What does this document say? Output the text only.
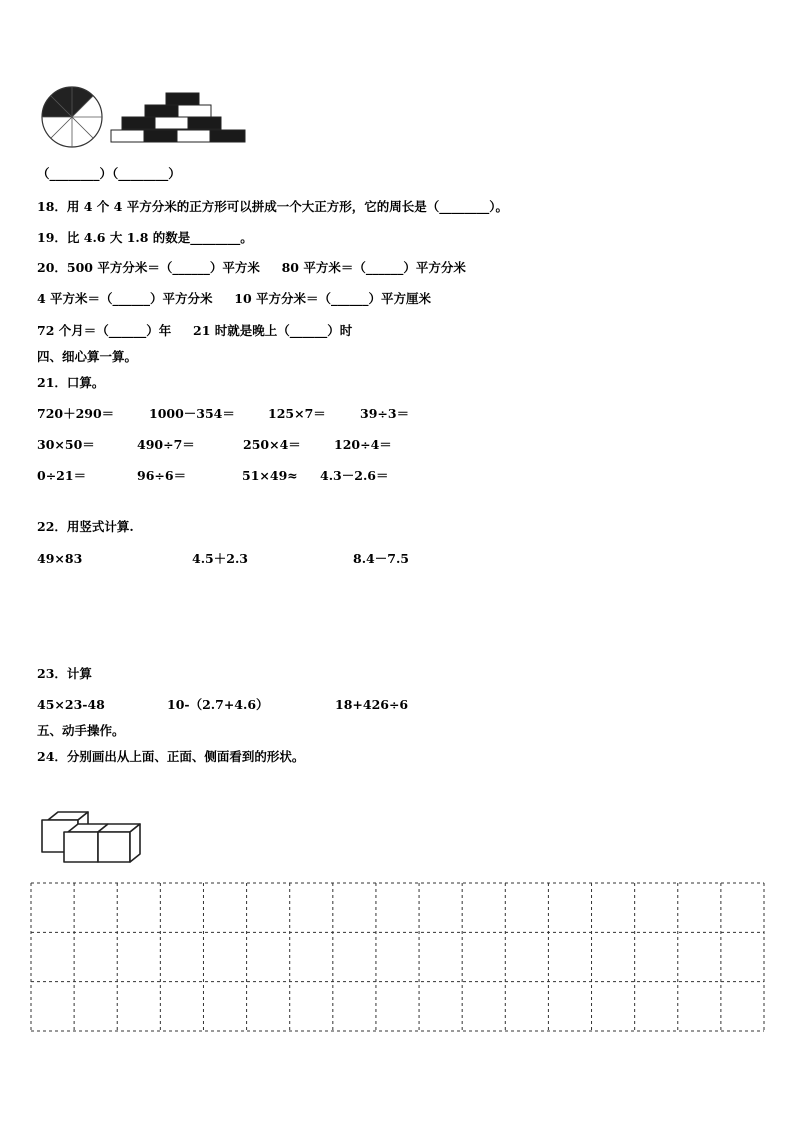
（________）（________）
18．用 4 个 4 平方分米的正方形可以拼成一个大正方形，它的周长是（________）。
19．比 4.6 大 1.8 的数是________。
20．500 平方分米＝（______）平方米     80 平方米＝（______）平方分米
4 平方米＝（______）平方分米     10 平方分米＝（______）平方厘米
72 个月＝（______）年     21 时就是晚上（______）时
四、细心算一算。
21．口算。
720＋290＝	1000－354＝	125×7＝	39÷3＝
30×50＝	490÷7＝	250×4＝	120÷4＝
0÷21＝	96÷6＝	51×49≈ 4.3－2.6＝
22．用竖式计算.
49×83	4.5＋2.3	8.4－7.5
23．计算
45×23-48	10-（2.7+4.6）	18+426÷6
五、动手操作。
24．分别画出从上面、正面、侧面看到的形状。
